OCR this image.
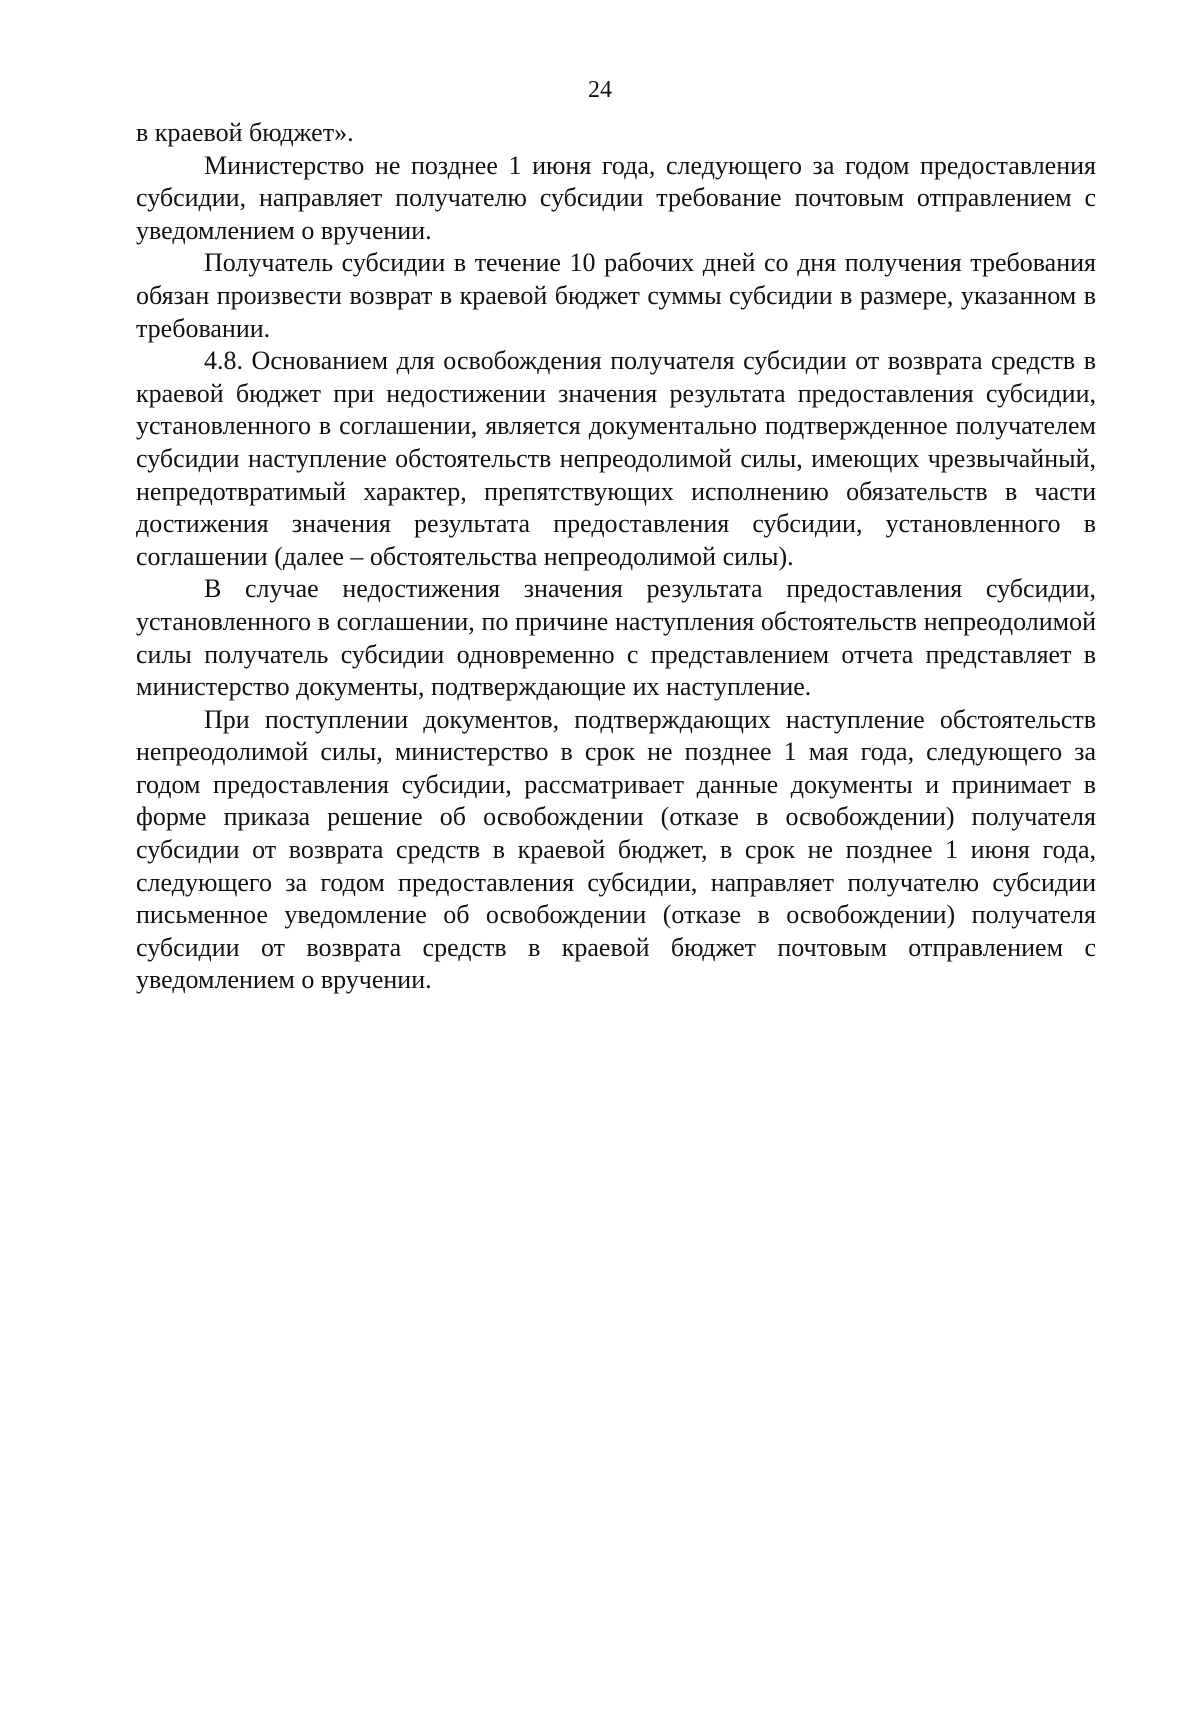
24

в краевой бюджет».

Министерство не позднее 1 июня года, следующего за годом предоставления субсидии, направляет получателю субсидии требование почтовым отправлением с уведомлением о вручении.

Получатель субсидии в течение 10 рабочих дней со дня получения требования обязан произвести возврат в краевой бюджет суммы субсидии в размере, указанном в требовании.

4.8. Основанием для освобождения получателя субсидии от возврата средств в краевой бюджет при недостижении значения результата предоставления субсидии, установленного в соглашении, является документально подтвержденное получателем субсидии наступление обстоятельств непреодолимой силы, имеющих чрезвычайный, непредотвратимый характер, препятствующих исполнению обязательств в части достижения значения результата предоставления субсидии, установленного в соглашении (далее – обстоятельства непреодолимой силы).

В случае недостижения значения результата предоставления субсидии, установленного в соглашении, по причине наступления обстоятельств непреодолимой силы получатель субсидии одновременно с представлением отчета представляет в министерство документы, подтверждающие их наступление.

При поступлении документов, подтверждающих наступление обстоятельств непреодолимой силы, министерство в срок не позднее 1 мая года, следующего за годом предоставления субсидии, рассматривает данные документы и принимает в форме приказа решение об освобождении (отказе в освобождении) получателя субсидии от возврата средств в краевой бюджет, в срок не позднее 1 июня года, следующего за годом предоставления субсидии, направляет получателю субсидии письменное уведомление об освобождении (отказе в освобождении) получателя субсидии от возврата средств в краевой бюджет почтовым отправлением с уведомлением о вручении.
